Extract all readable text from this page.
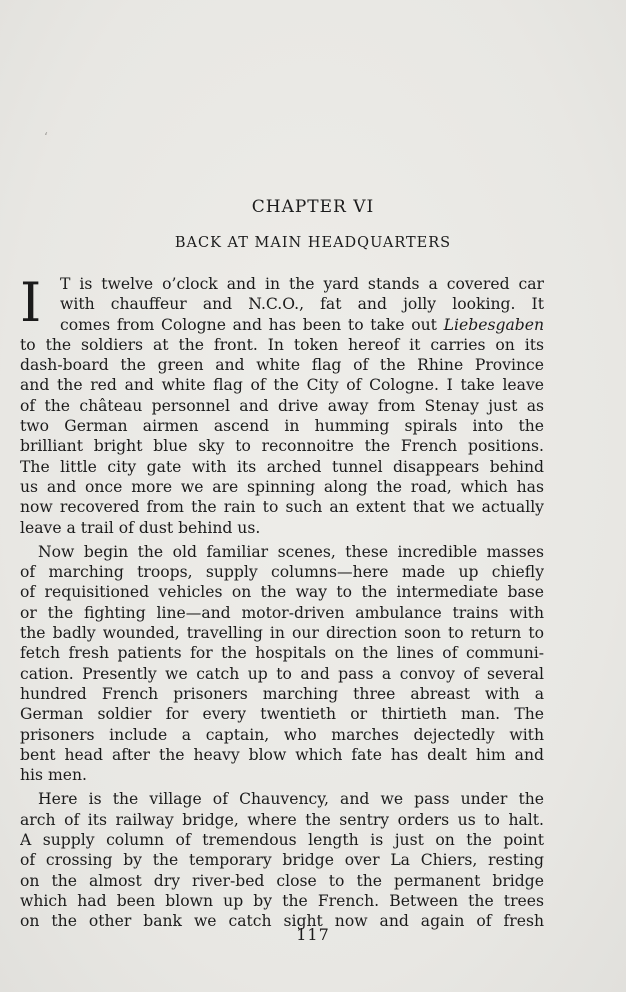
‘
CHAPTER VI
BACK AT MAIN HEADQUARTERS
I	T is twelve o’clock and in the yard stands a covered car
with chauffeur and N.C.O., fat and jolly looking. It
comes from Cologne and has been to take out Liebesgaben
to the soldiers at the front. In token hereof it carries on its
dash-board the green and white flag of the Rhine Province
and the red and white flag of the City of Cologne. I take leave
of the château personnel and drive away from Stenay just as
two German airmen ascend in humming spirals into the
brilliant bright blue sky to reconnoitre the French positions.
The little city gate with its arched tunnel disappears behind
us and once more we are spinning along the road, which has
now recovered from the rain to such an extent that we actually
leave a trail of dust behind us.
Now begin the old familiar scenes, these incredible masses
of marching troops, supply columns—here made up chiefly
of requisitioned vehicles on the way to the intermediate base
or the fighting line—and motor-driven ambulance trains with
the badly wounded, travelling in our direction soon to return to
fetch fresh patients for the hospitals on the lines of communi-
cation. Presently we catch up to and pass a convoy of several
hundred French prisoners marching three abreast with a
German soldier for every twentieth or thirtieth man. The
prisoners include a captain, who marches dejectedly with
bent head after the heavy blow which fate has dealt him and
his men.
Here is the village of Chauvency, and we pass under the
arch of its railway bridge, where the sentry orders us to halt.
A supply column of tremendous length is just on the point
of crossing by the temporary bridge over La Chiers, resting
on the almost dry river-bed close to the permanent bridge
which had been blown up by the French. Between the trees
on the other bank we catch sight now and again of fresh
117
